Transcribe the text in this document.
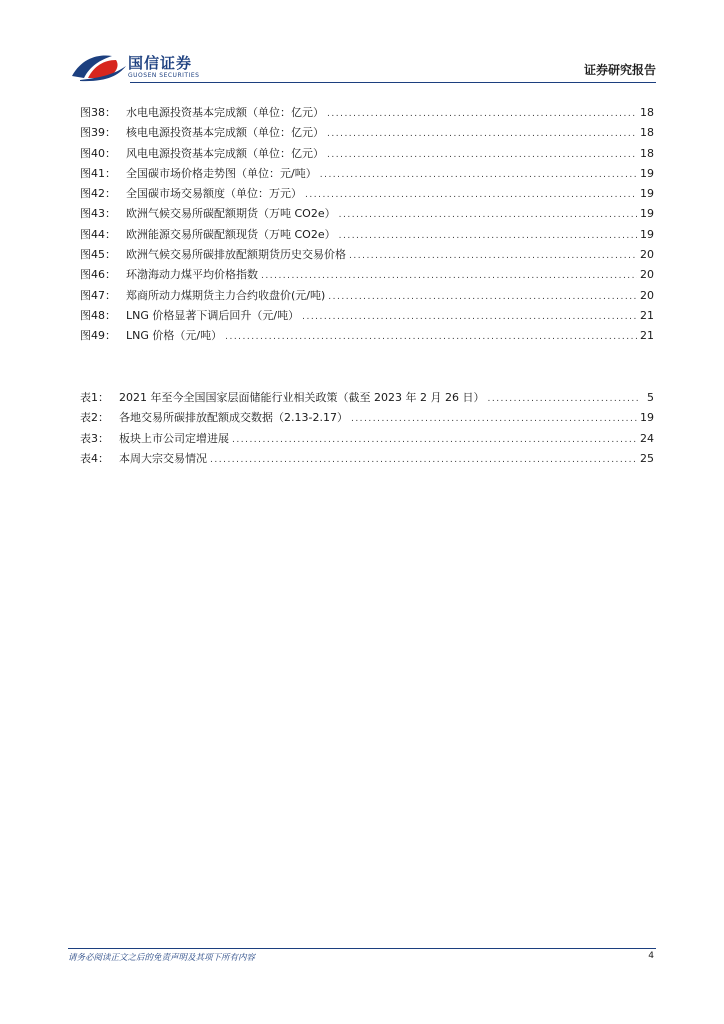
国信证券
GUOSEN SECURITIES	证券研究报告
图38： 水电电源投资基本完成额（单位：亿元） .....	18
图39： 核电电源投资基本完成额（单位：亿元） .....	18
图40： 风电电源投资基本完成额（单位：亿元） .....	18
图41： 全国碳市场价格走势图（单位：元/吨） .....	19
图42： 全国碳市场交易额度（单位：万元） .....	19
图43： 欧洲气候交易所碳配额期货（万吨 CO2e） .....	19
图44： 欧洲能源交易所碳配额现货（万吨 CO2e） .....	19
图45： 欧洲气候交易所碳排放配额期货历史交易价格 .....	20
图46： 环渤海动力煤平均价格指数 .....	20
图47： 郑商所动力煤期货主力合约收盘价(元/吨) .....	20
图48： LNG 价格显著下调后回升（元/吨） .....	21
图49： LNG 价格（元/吨） .....	21
表1： 2021 年至今全国国家层面储能行业相关政策（截至 2023 年 2 月 26 日） .....	5
表2： 各地交易所碳排放配额成交数据（2.13-2.17） .....	19
表3： 板块上市公司定增进展 .....	24
表4： 本周大宗交易情况 .....	25
请务必阅读正文之后的免责声明及其项下所有内容	4
